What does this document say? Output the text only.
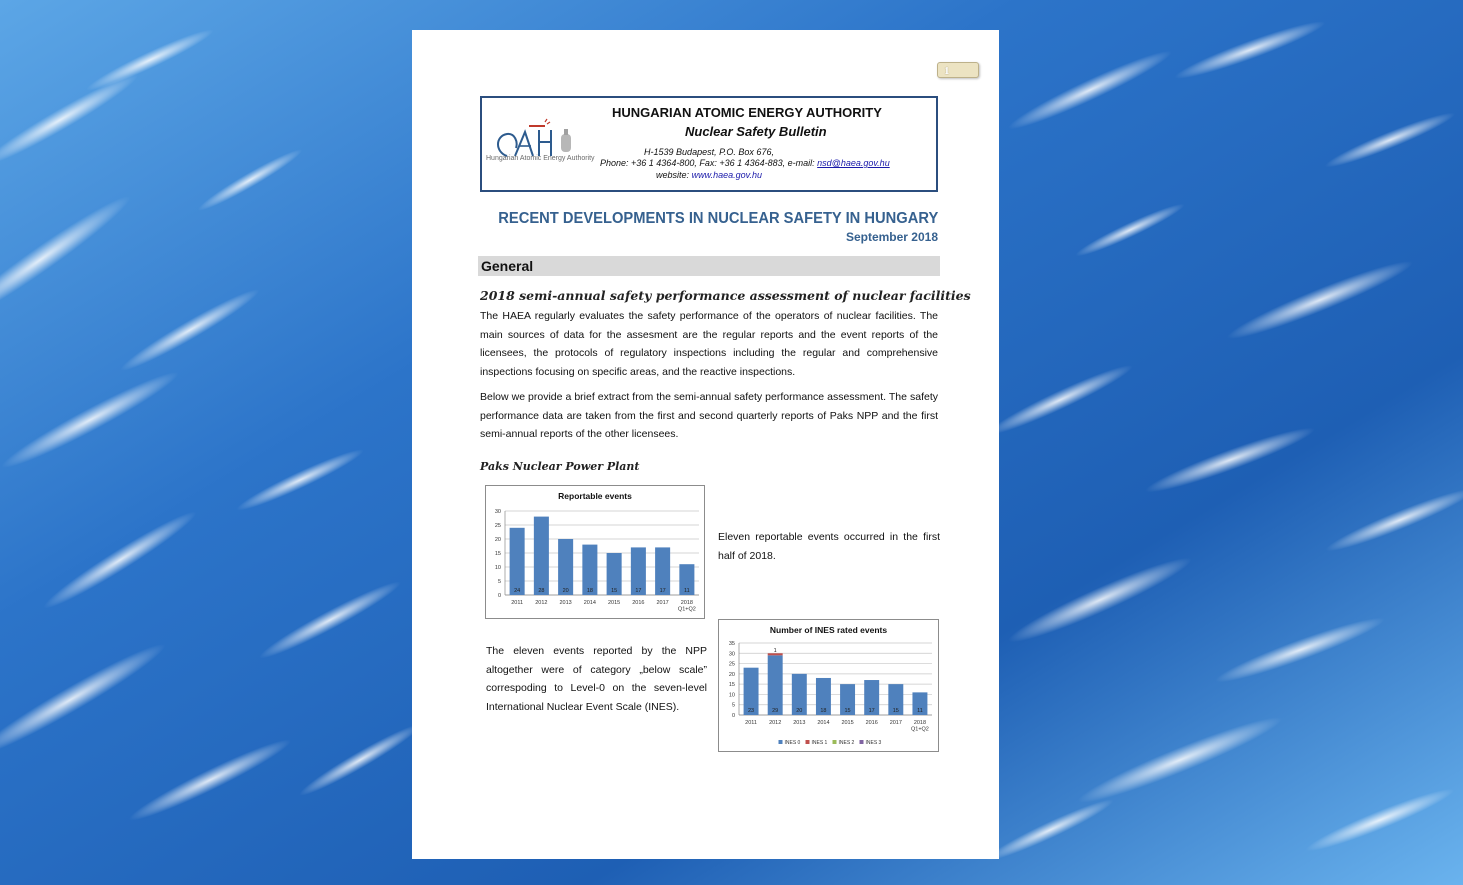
1
Hungarian Atomic Energy Authority
HUNGARIAN ATOMIC ENERGY AUTHORITY
Nuclear Safety Bulletin
H-1539 Budapest, P.O. Box 676,
Phone: +36 1 4364-800, Fax: +36 1 4364-883, e-mail: nsd@haea.gov.hu
website: www.haea.gov.hu
RECENT DEVELOPMENTS IN NUCLEAR SAFETY IN HUNGARY
September 2018
General
2018 semi-annual safety performance assessment of nuclear facilities
The HAEA regularly evaluates the safety performance of the operators of nuclear facilities. The main sources of data for the assesment are the regular reports and the event reports of the licensees, the protocols of regulatory inspections including the regular and comprehensive inspections focusing on specific areas, and the reactive inspections.
Below we provide a brief extract from the semi-annual safety performance assessment. The safety performance data are taken from the first and second quarterly reports of Paks NPP and the first semi-annual reports of the other licensees.
Paks Nuclear Power Plant
Reportable events
0
5
10
15
20
25
30
24
2011
28
2012
20
2013
18
2014
15
2015
17
2016
17
2017
11
2018
Q1+Q2
Eleven reportable events occurred in the first half of 2018.
The eleven events reported by the NPP altogether were of category „below scale” correspoding to Level-0 on the seven-level International Nuclear Event Scale (INES).
Number of INES rated events
0
5
10
15
20
25
30
35
23
2011
29
1
2012
20
2013
18
2014
15
2015
17
2016
15
2017
11
2018
Q1+Q2
INES 0 INES 1 INES 2 INES 3
